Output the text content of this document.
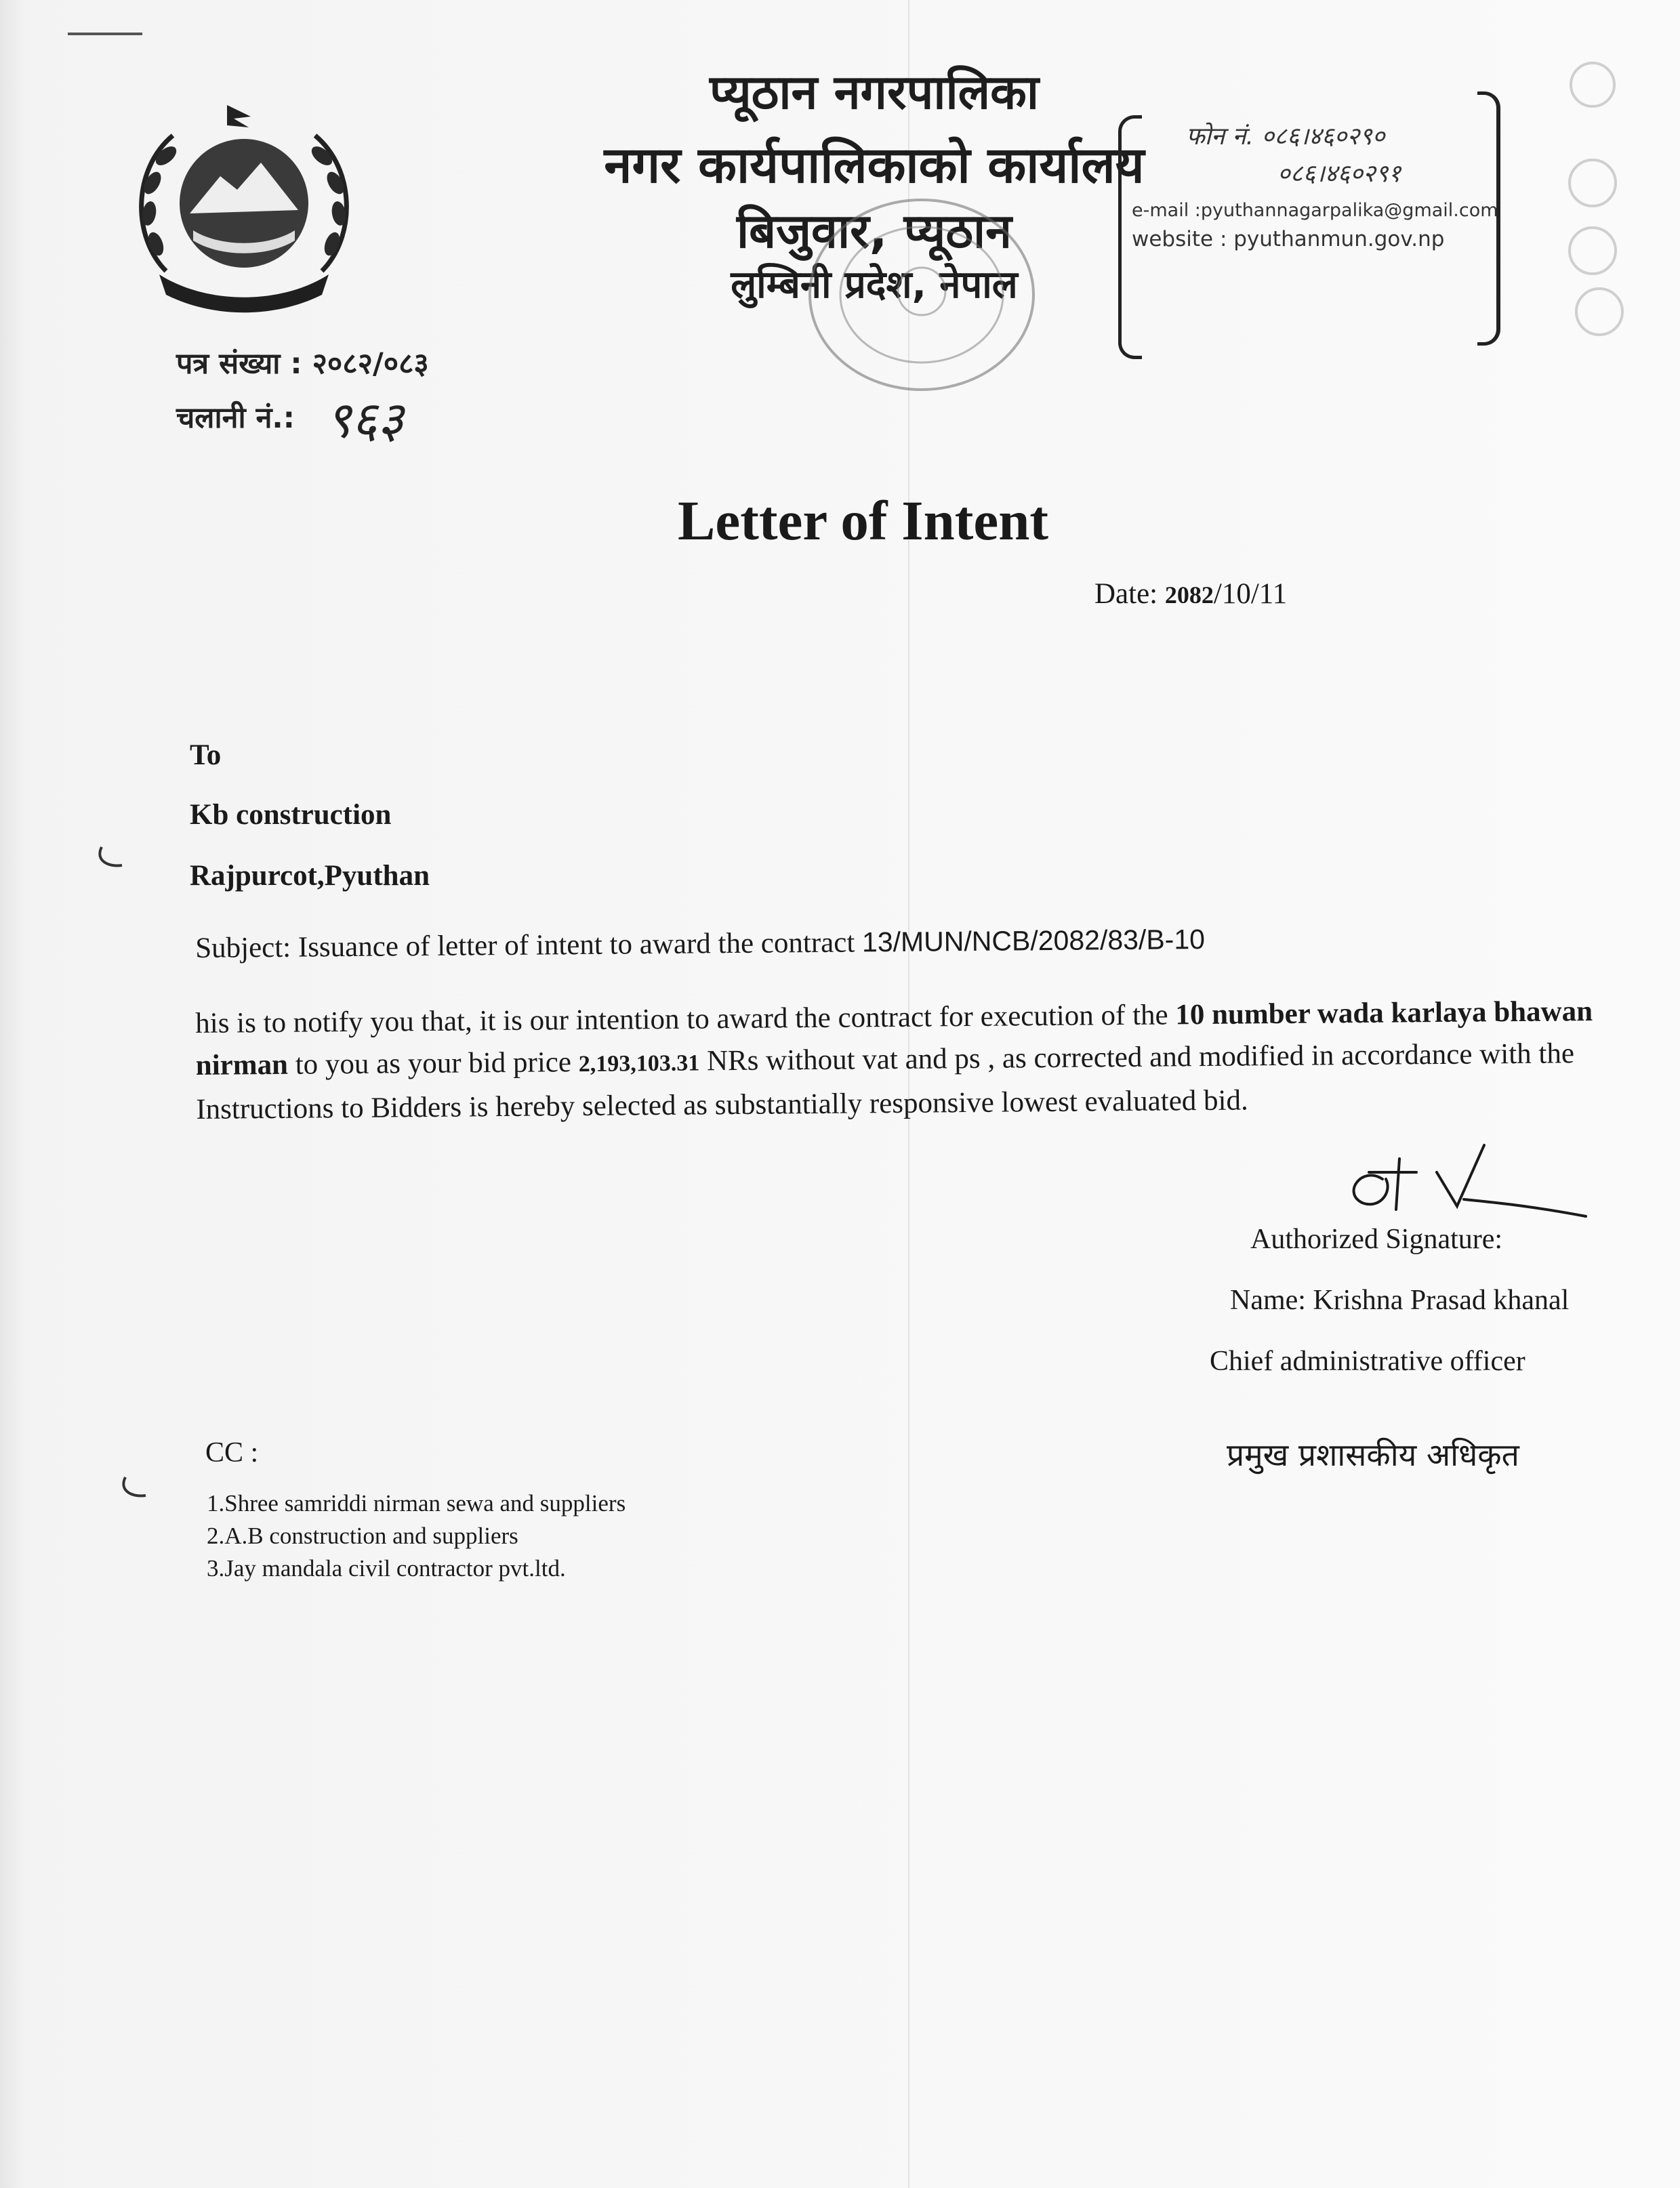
प्यूठान नगरपालिका
नगर कार्यपालिकाको कार्यालय
बिजुवार, प्यूठान
लुम्बिनी प्रदेश, नेपाल
फोन नं. ०८६।४६०२९०
०८६।४६०२९१
e-mail :pyuthannagarpalika@gmail.com
website : pyuthanmun.gov.np
पत्र संख्या : २०८२/०८३
चलानी नं.: ९६३
Letter of Intent
Date: 2082/10/11
To
Kb construction
Rajpurcot,Pyuthan
Subject: Issuance of letter of intent to award the contract 13/MUN/NCB/2082/83/B-10
his is to notify you that, it is our intention to award the contract for execution of the 10 number wada karlaya bhawan nirman to you as your bid price 2,193,103.31 NRs without vat and ps , as corrected and modified in accordance with the Instructions to Bidders is hereby selected as substantially responsive lowest evaluated bid.
Authorized Signature:
Name: Krishna Prasad khanal
Chief administrative officer
प्रमुख प्रशासकीय अधिकृत
CC :
1.Shree samriddi nirman sewa and suppliers
2.A.B construction and suppliers
3.Jay mandala civil contractor pvt.ltd.
